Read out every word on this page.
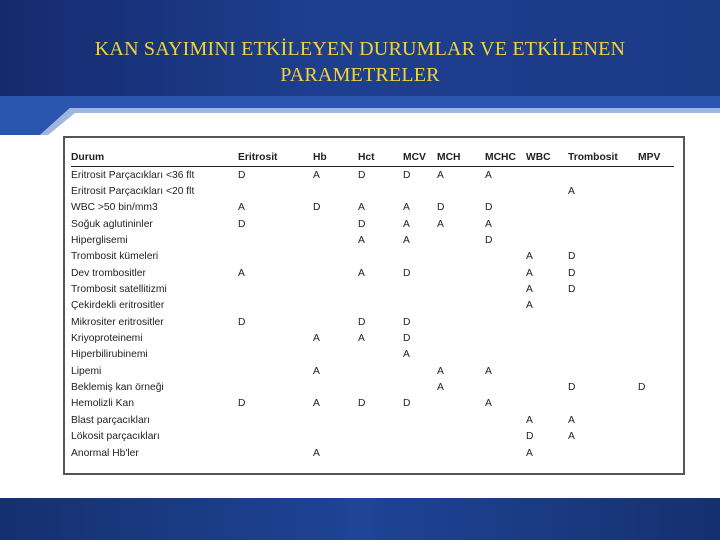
KAN SAYIMINI ETKİLEYEN DURUMLAR VE ETKİLENEN
PARAMETRELER
Durum	Eritrosit	Hb	Hct	MCV	MCH	MCHC	WBC	Trombosit	MPV
Eritrosit Parçacıkları <36 flt	D	A	D	D	A	A			
Eritrosit Parçacıkları <20 flt								A	
WBC >50 bin/mm3	A	D	A	A	D	D			
Soğuk aglutininler	D		D	A	A	A			
Hiperglisemi			A	A		D			
Trombosit kümeleri							A	D	
Dev trombositler	A		A	D			A	D	
Trombosit satellitizmi							A	D	
Çekirdekli eritrositler							A		
Mikrositer eritrositler	D		D	D					
Kriyoproteinemi		A	A	D					
Hiperbilirubinemi				A					
Lipemi		A			A	A			
Beklemiş kan örneği					A			D	D
Hemolizli Kan	D	A	D	D		A			
Blast parçacıkları							A	A	
Lökosit parçacıkları							D	A	
Anormal Hb'ler		A					A		
